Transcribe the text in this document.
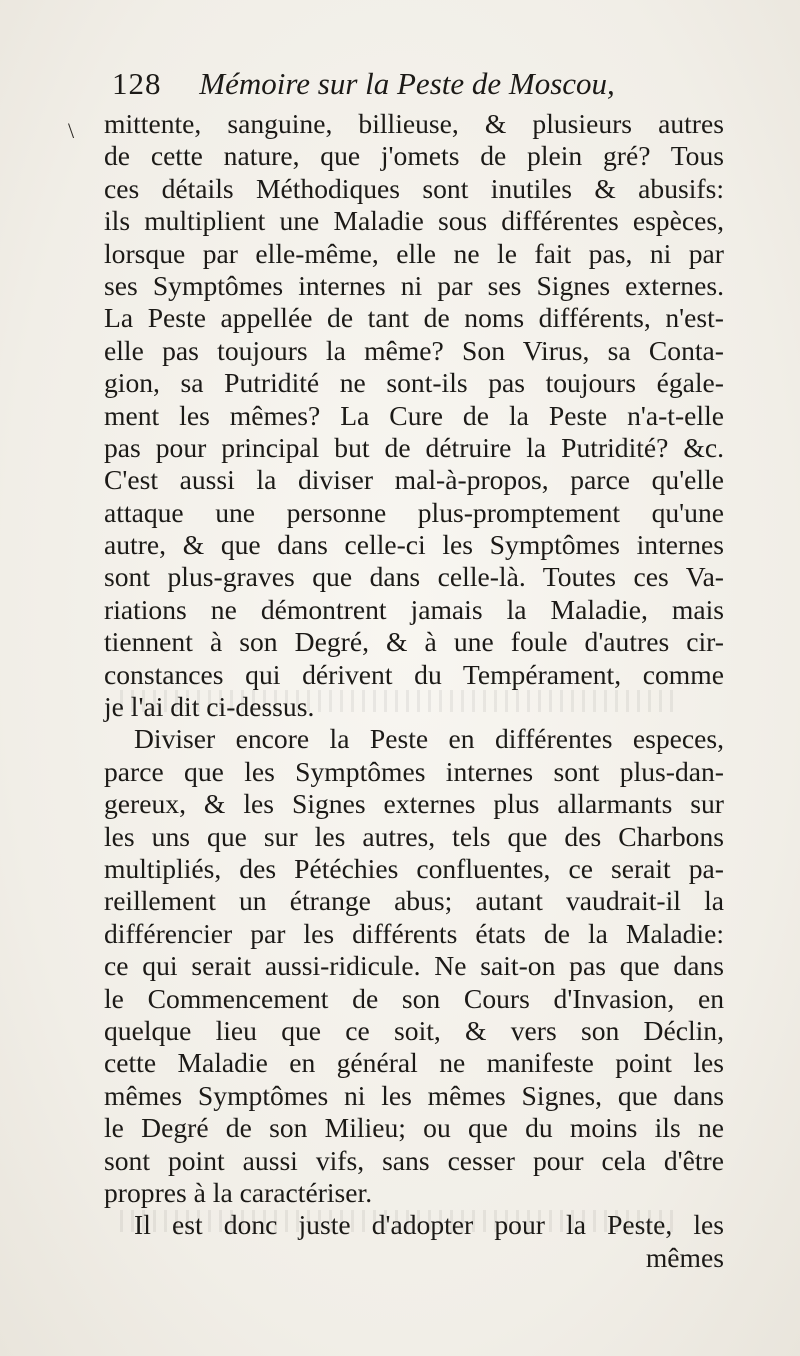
128 Mémoire sur la Peste de Moscou,
\ mittente, sanguine, billieuse, & plusieurs autres
de cette nature, que j'omets de plein gré? Tous
ces détails Méthodiques sont inutiles & abusifs:
ils multiplient une Maladie sous différentes espèces,
lorsque par elle-même, elle ne le fait pas, ni par
ses Symptômes internes ni par ses Signes externes.
La Peste appellée de tant de noms différents, n'est-
elle pas toujours la même? Son Virus, sa Conta-
gion, sa Putridité ne sont-ils pas toujours égale-
ment les mêmes? La Cure de la Peste n'a-t-elle
pas pour principal but de détruire la Putridité? &c.
C'est aussi la diviser mal-à-propos, parce qu'elle
attaque une personne plus-promptement qu'une
autre, & que dans celle-ci les Symptômes internes
sont plus-graves que dans celle-là. Toutes ces Va-
riations ne démontrent jamais la Maladie, mais
tiennent à son Degré, & à une foule d'autres cir-
constances qui dérivent du Tempérament, comme
je l'ai dit ci-dessus.
Diviser encore la Peste en différentes especes,
parce que les Symptômes internes sont plus-dan-
gereux, & les Signes externes plus allarmants sur
les uns que sur les autres, tels que des Charbons
multipliés, des Pétéchies confluentes, ce serait pa-
reillement un étrange abus; autant vaudrait-il la
différencier par les différents états de la Maladie:
ce qui serait aussi-ridicule. Ne sait-on pas que dans
le Commencement de son Cours d'Invasion, en
quelque lieu que ce soit, & vers son Déclin,
cette Maladie en général ne manifeste point les
mêmes Symptômes ni les mêmes Signes, que dans
le Degré de son Milieu; ou que du moins ils ne
sont point aussi vifs, sans cesser pour cela d'être
propres à la caractériser.
Il est donc juste d'adopter pour la Peste, les
mêmes
